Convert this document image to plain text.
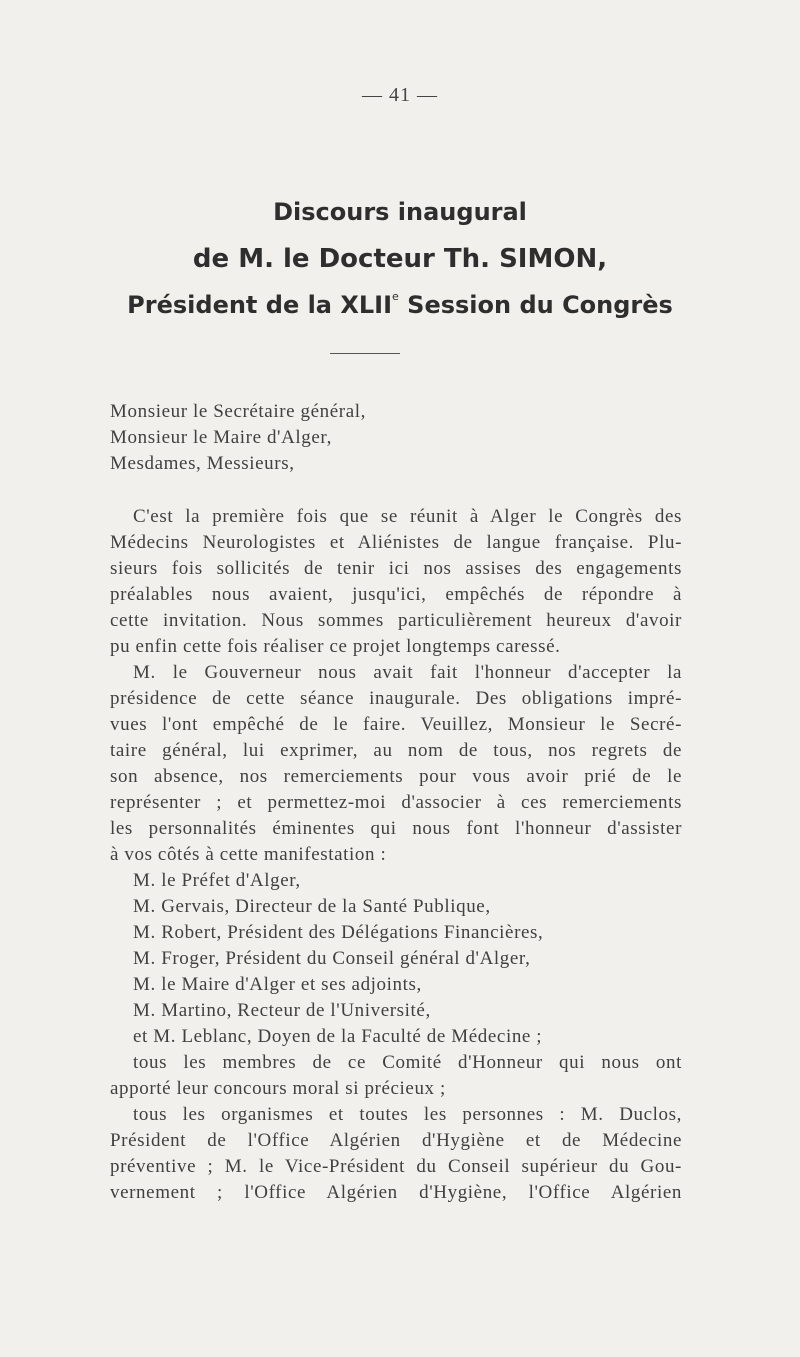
— 41 —
Discours inaugural
de M. le Docteur Th. SIMON,
Président de la XLIIe Session du Congrès
Monsieur le Secrétaire général,
Monsieur le Maire d'Alger,
Mesdames, Messieurs,
C'est la première fois que se réunit à Alger le Congrès des
Médecins Neurologistes et Aliénistes de langue française. Plu-
sieurs fois sollicités de tenir ici nos assises des engagements
préalables nous avaient, jusqu'ici, empêchés de répondre à
cette invitation. Nous sommes particulièrement heureux d'avoir
pu enfin cette fois réaliser ce projet longtemps caressé.
M. le Gouverneur nous avait fait l'honneur d'accepter la
présidence de cette séance inaugurale. Des obligations impré-
vues l'ont empêché de le faire. Veuillez, Monsieur le Secré-
taire général, lui exprimer, au nom de tous, nos regrets de
son absence, nos remerciements pour vous avoir prié de le
représenter ; et permettez-moi d'associer à ces remerciements
les personnalités éminentes qui nous font l'honneur d'assister
à vos côtés à cette manifestation :
M. le Préfet d'Alger,
M. Gervais, Directeur de la Santé Publique,
M. Robert, Président des Délégations Financières,
M. Froger, Président du Conseil général d'Alger,
M. le Maire d'Alger et ses adjoints,
M. Martino, Recteur de l'Université,
et M. Leblanc, Doyen de la Faculté de Médecine ;
tous les membres de ce Comité d'Honneur qui nous ont
apporté leur concours moral si précieux ;
tous les organismes et toutes les personnes : M. Duclos,
Président de l'Office Algérien d'Hygiène et de Médecine
préventive ; M. le Vice-Président du Conseil supérieur du Gou-
vernement ; l'Office Algérien d'Hygiène, l'Office Algérien
